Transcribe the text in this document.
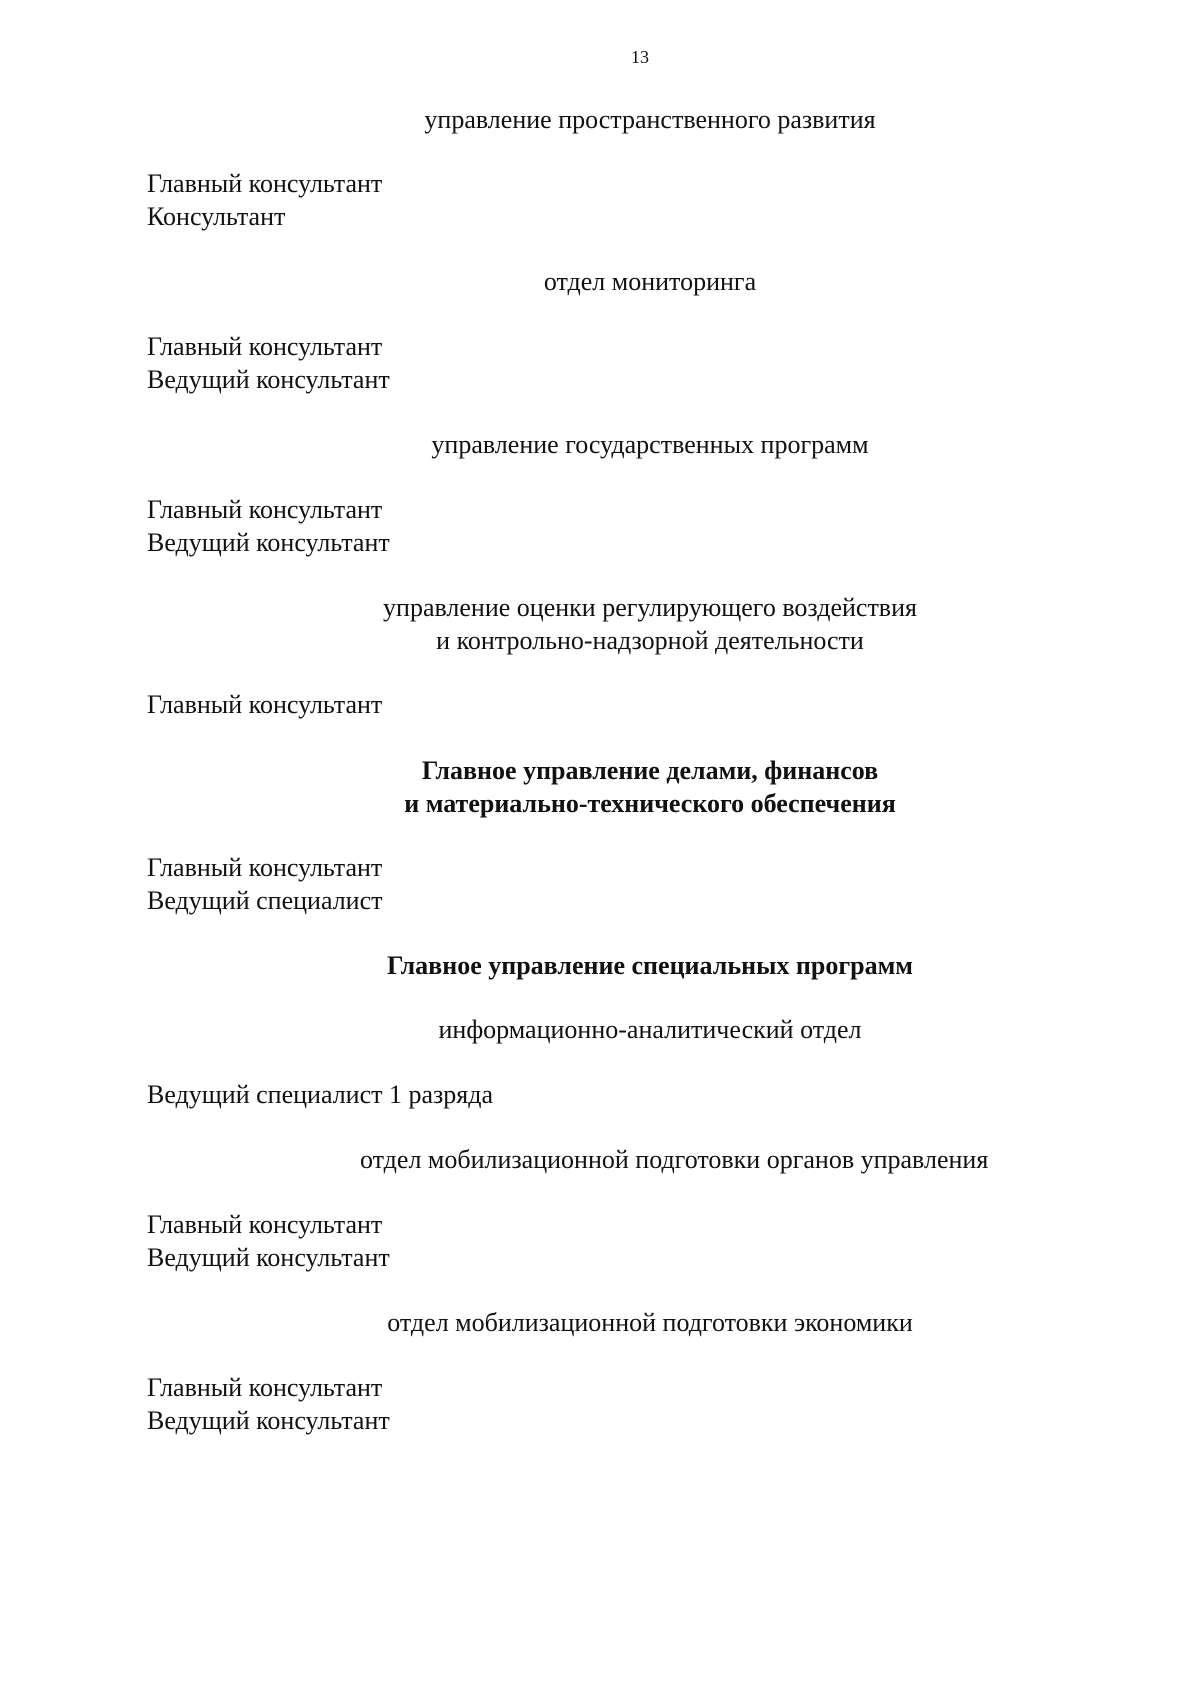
13
управление пространственного развития
Главный консультант
Консультант
отдел мониторинга
Главный консультант
Ведущий консультант
управление государственных программ
Главный консультант
Ведущий консультант
управление оценки регулирующего воздействия
и контрольно-надзорной деятельности
Главный консультант
Главное управление делами, финансов
и материально-технического обеспечения
Главный консультант
Ведущий специалист
Главное управление специальных программ
информационно-аналитический отдел
Ведущий специалист 1 разряда
отдел мобилизационной подготовки органов управления
Главный консультант
Ведущий консультант
отдел мобилизационной подготовки экономики
Главный консультант
Ведущий консультант
